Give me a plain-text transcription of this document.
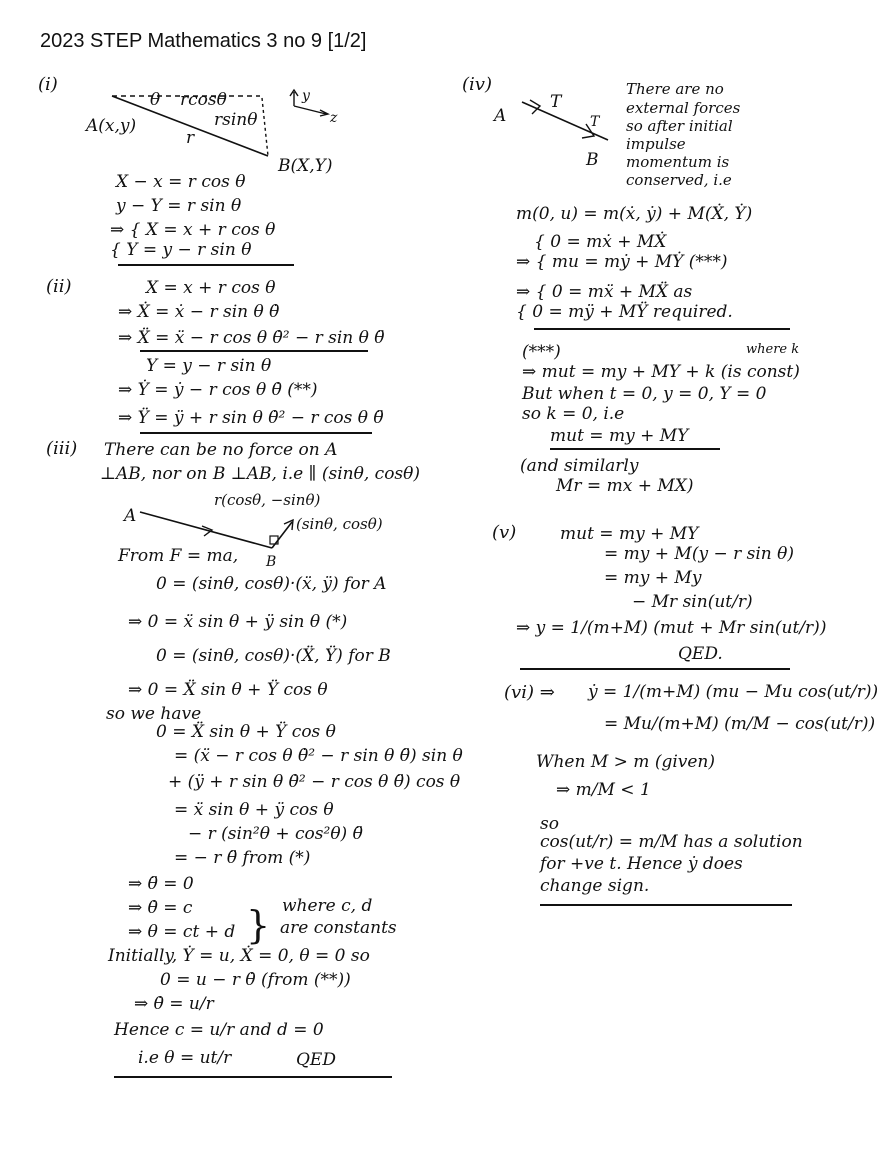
2023 STEP Mathematics 3 no 9 [1/2]
(i)
θ rcosθ
rsinθ
r
A(x,y)
B(X,Y)
y
z
X − x = r cos θ
y − Y = r sin θ
⇒ { X = x + r cos θ
{ Y = y − r sin θ
(ii)	X = x + r cos θ
⇒ Ẋ = ẋ − r sin θ θ̇
⇒ Ẍ = ẍ − r cos θ θ̇² − r sin θ θ̈
Y = y − r sin θ
⇒ Ẏ = ẏ − r cos θ θ̇ (**)
⇒ Ÿ = ÿ + r sin θ θ̇² − r cos θ θ̈
(iii) There can be no force on A
⊥AB, nor on B ⊥AB, i.e ∥ (sinθ, cosθ)
A
B
r(cosθ, −sinθ)
(sinθ, cosθ)
From F = ma,
0 = (sinθ, cosθ)·(ẍ, ÿ) for A
⇒ 0 = ẍ sin θ + ÿ sin θ (*)
0 = (sinθ, cosθ)·(Ẍ, Ÿ) for B
⇒ 0 = Ẍ sin θ + Ÿ cos θ
so we have
0 = Ẍ sin θ + Ÿ cos θ
= (ẍ − r cos θ θ̇² − r sin θ θ̈) sin θ
+ (ÿ + r sin θ θ̇² − r cos θ θ̈) cos θ
= ẍ sin θ + ÿ cos θ
− r (sin²θ + cos²θ) θ̈
= − r θ̈ from (*)
⇒ θ̈ = 0
⇒ θ̇ = c
⇒ θ = ct + d } where c, d
are constants
Initially, Ẏ = u, Ẋ = 0, θ = 0 so
0 = u − r θ̇ (from (**))
⇒ θ̇ = u/r
Hence c = u/r and d = 0
i.e θ = ut/r	QED
(iv)
A
B
T
T
There are no
external forces
so after initial
impulse
momentum is
conserved, i.e
m(0, u) = m(ẋ, ẏ) + M(Ẋ, Ẏ)
{ 0 = mẋ + MẊ
⇒ { mu = mẏ + MẎ (***)
⇒ { 0 = mẍ + MẌ as
{ 0 = mÿ + MŸ required.
(***)	where k
⇒ mut = my + MY + k (is const)
But when t = 0, y = 0, Y = 0
so k = 0, i.e
mut = my + MY
(and similarly
Mr = mx + MX)
(v)	mut = my + MY
= my + M(y − r sin θ)
= my + My
− Mr sin(ut/r)
⇒ y = 1/(m+M) (mut + Mr sin(ut/r))
QED.
(vi) ⇒ ẏ = 1/(m+M) (mu − Mu cos(ut/r))
= Mu/(m+M) (m/M − cos(ut/r))
When M > m (given)
⇒ m/M < 1
so
cos(ut/r) = m/M has a solution
for +ve t. Hence ẏ does
change sign.
